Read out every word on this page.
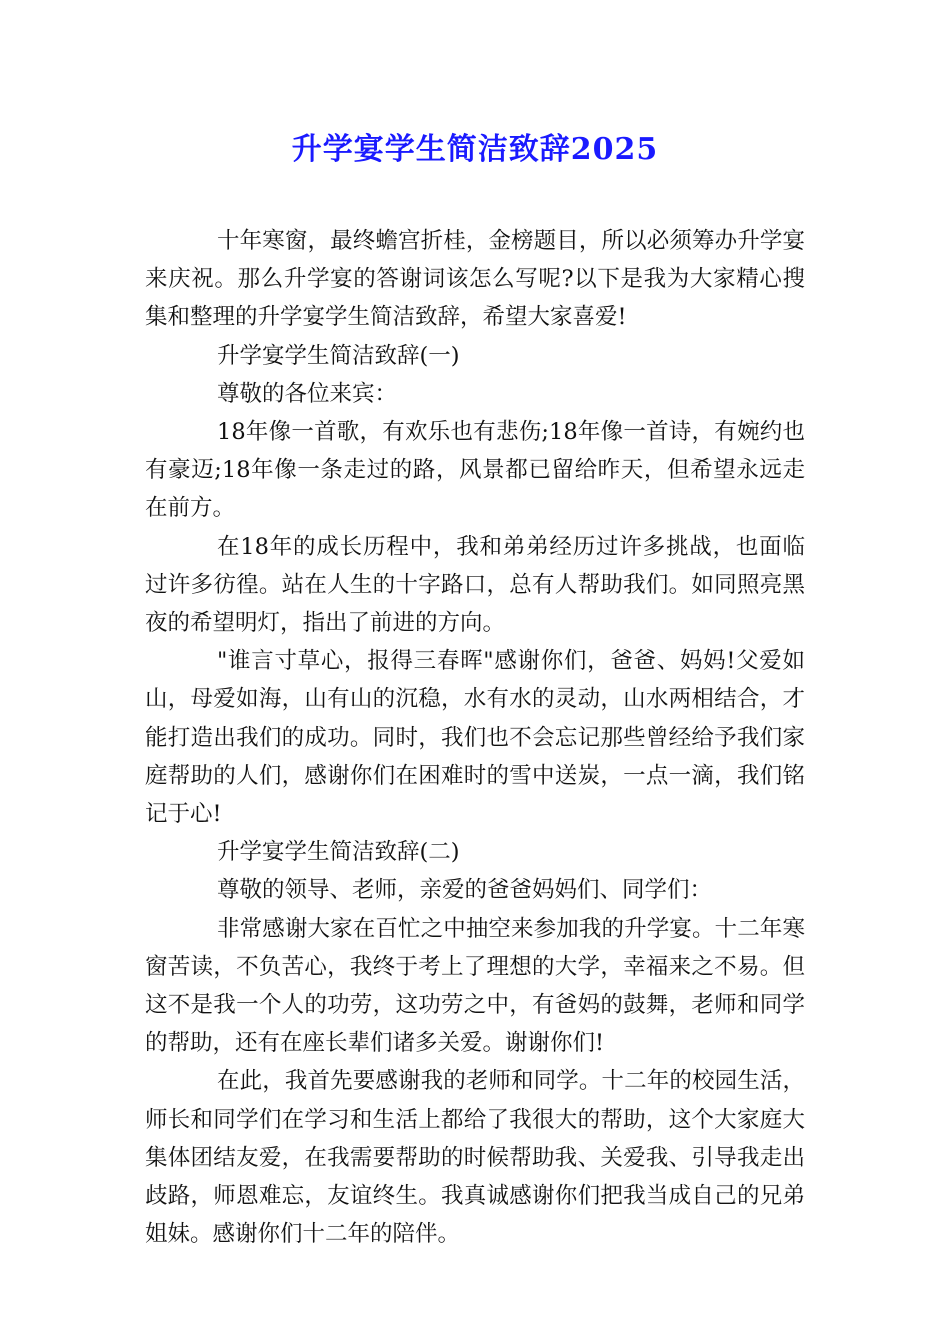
升学宴学生简洁致辞2025

十年寒窗，最终蟾宫折桂，金榜题目，所以必须筹办升学宴来庆祝。那么升学宴的答谢词该怎么写呢?以下是我为大家精心搜集和整理的升学宴学生简洁致辞，希望大家喜爱!

升学宴学生简洁致辞(一)

尊敬的各位来宾：

18年像一首歌，有欢乐也有悲伤;18年像一首诗，有婉约也有豪迈;18年像一条走过的路，风景都已留给昨天，但希望永远走在前方。

在18年的成长历程中，我和弟弟经历过许多挑战，也面临过许多彷徨。站在人生的十字路口，总有人帮助我们。如同照亮黑夜的希望明灯，指出了前进的方向。

"谁言寸草心，报得三春晖"感谢你们，爸爸、妈妈!父爱如山，母爱如海，山有山的沉稳，水有水的灵动，山水两相结合，才能打造出我们的成功。同时，我们也不会忘记那些曾经给予我们家庭帮助的人们，感谢你们在困难时的雪中送炭，一点一滴，我们铭记于心!

升学宴学生简洁致辞(二)

尊敬的领导、老师，亲爱的爸爸妈妈们、同学们：

非常感谢大家在百忙之中抽空来参加我的升学宴。十二年寒窗苦读，不负苦心，我终于考上了理想的大学，幸福来之不易。但这不是我一个人的功劳，这功劳之中，有爸妈的鼓舞，老师和同学的帮助，还有在座长辈们诸多关爱。谢谢你们!

在此，我首先要感谢我的老师和同学。十二年的校园生活，师长和同学们在学习和生活上都给了我很大的帮助，这个大家庭大集体团结友爱，在我需要帮助的时候帮助我、关爱我、引导我走出歧路，师恩难忘，友谊终生。我真诚感谢你们把我当成自己的兄弟姐妹。感谢你们十二年的陪伴。
